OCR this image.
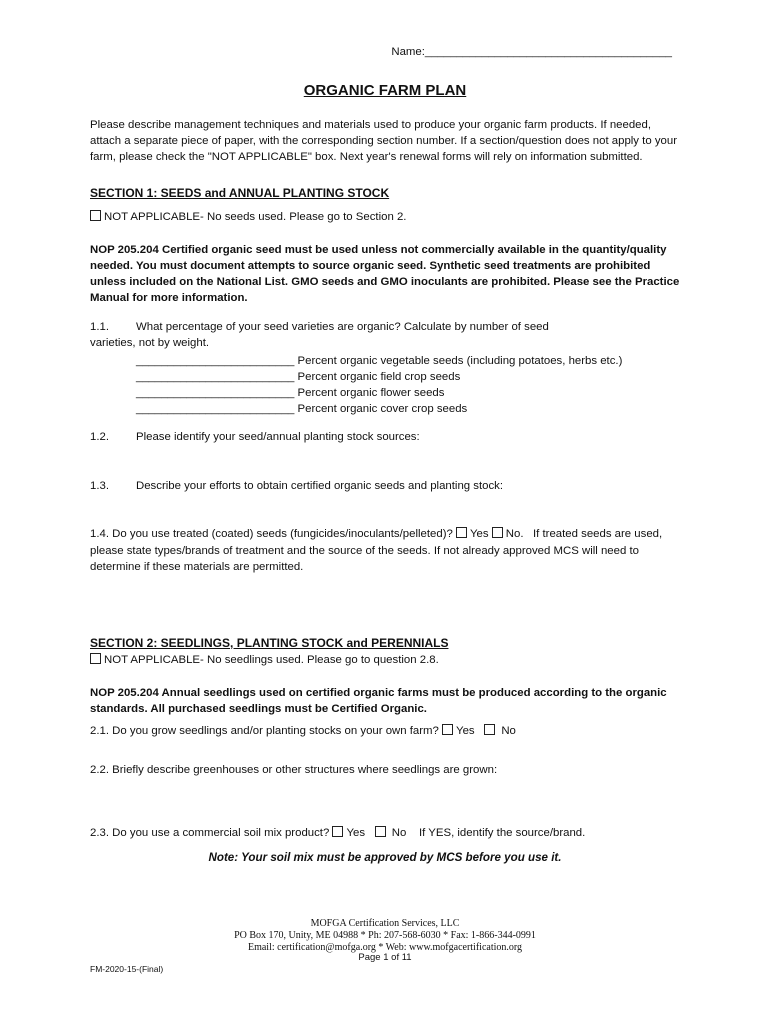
Name:_______________________________________
ORGANIC FARM PLAN
Please describe management techniques and materials used to produce your organic farm products. If needed, attach a separate piece of paper, with the corresponding section number. If a section/question does not apply to your farm, please check the "NOT APPLICABLE" box. Next year's renewal forms will rely on information submitted.
SECTION 1: SEEDS and ANNUAL PLANTING STOCK
NOT APPLICABLE- No seeds used. Please go to Section 2.
NOP 205.204 Certified organic seed must be used unless not commercially available in the quantity/quality needed. You must document attempts to source organic seed. Synthetic seed treatments are prohibited unless included on the National List. GMO seeds and GMO inoculants are prohibited. Please see the Practice Manual for more information.
1.1. What percentage of your seed varieties are organic? Calculate by number of seed
varieties, not by weight.
_________________________ Percent organic vegetable seeds (including potatoes, herbs etc.)
_________________________ Percent organic field crop seeds
_________________________ Percent organic flower seeds
_________________________ Percent organic cover crop seeds
1.2. Please identify your seed/annual planting stock sources:
1.3. Describe your efforts to obtain certified organic seeds and planting stock:
1.4. Do you use treated (coated) seeds (fungicides/inoculants/pelleted)? Yes No. If treated seeds are used,
please state types/brands of treatment and the source of the seeds. If not already approved MCS will need to determine if these materials are permitted.
SECTION 2: SEEDLINGS, PLANTING STOCK and PERENNIALS
NOT APPLICABLE- No seedlings used. Please go to question 2.8.
NOP 205.204 Annual seedlings used on certified organic farms must be produced according to the organic standards. All purchased seedlings must be Certified Organic.
2.1. Do you grow seedlings and/or planting stocks on your own farm? Yes No
2.2. Briefly describe greenhouses or other structures where seedlings are grown:
2.3. Do you use a commercial soil mix product? Yes No If YES, identify the source/brand.
Note: Your soil mix must be approved by MCS before you use it.
MOFGA Certification Services, LLC
PO Box 170, Unity, ME 04988 * Ph: 207-568-6030 * Fax: 1-866-344-0991
Email: certification@mofga.org * Web: www.mofgacertification.org
Page 1 of 11
FM-2020-15-(Final)
